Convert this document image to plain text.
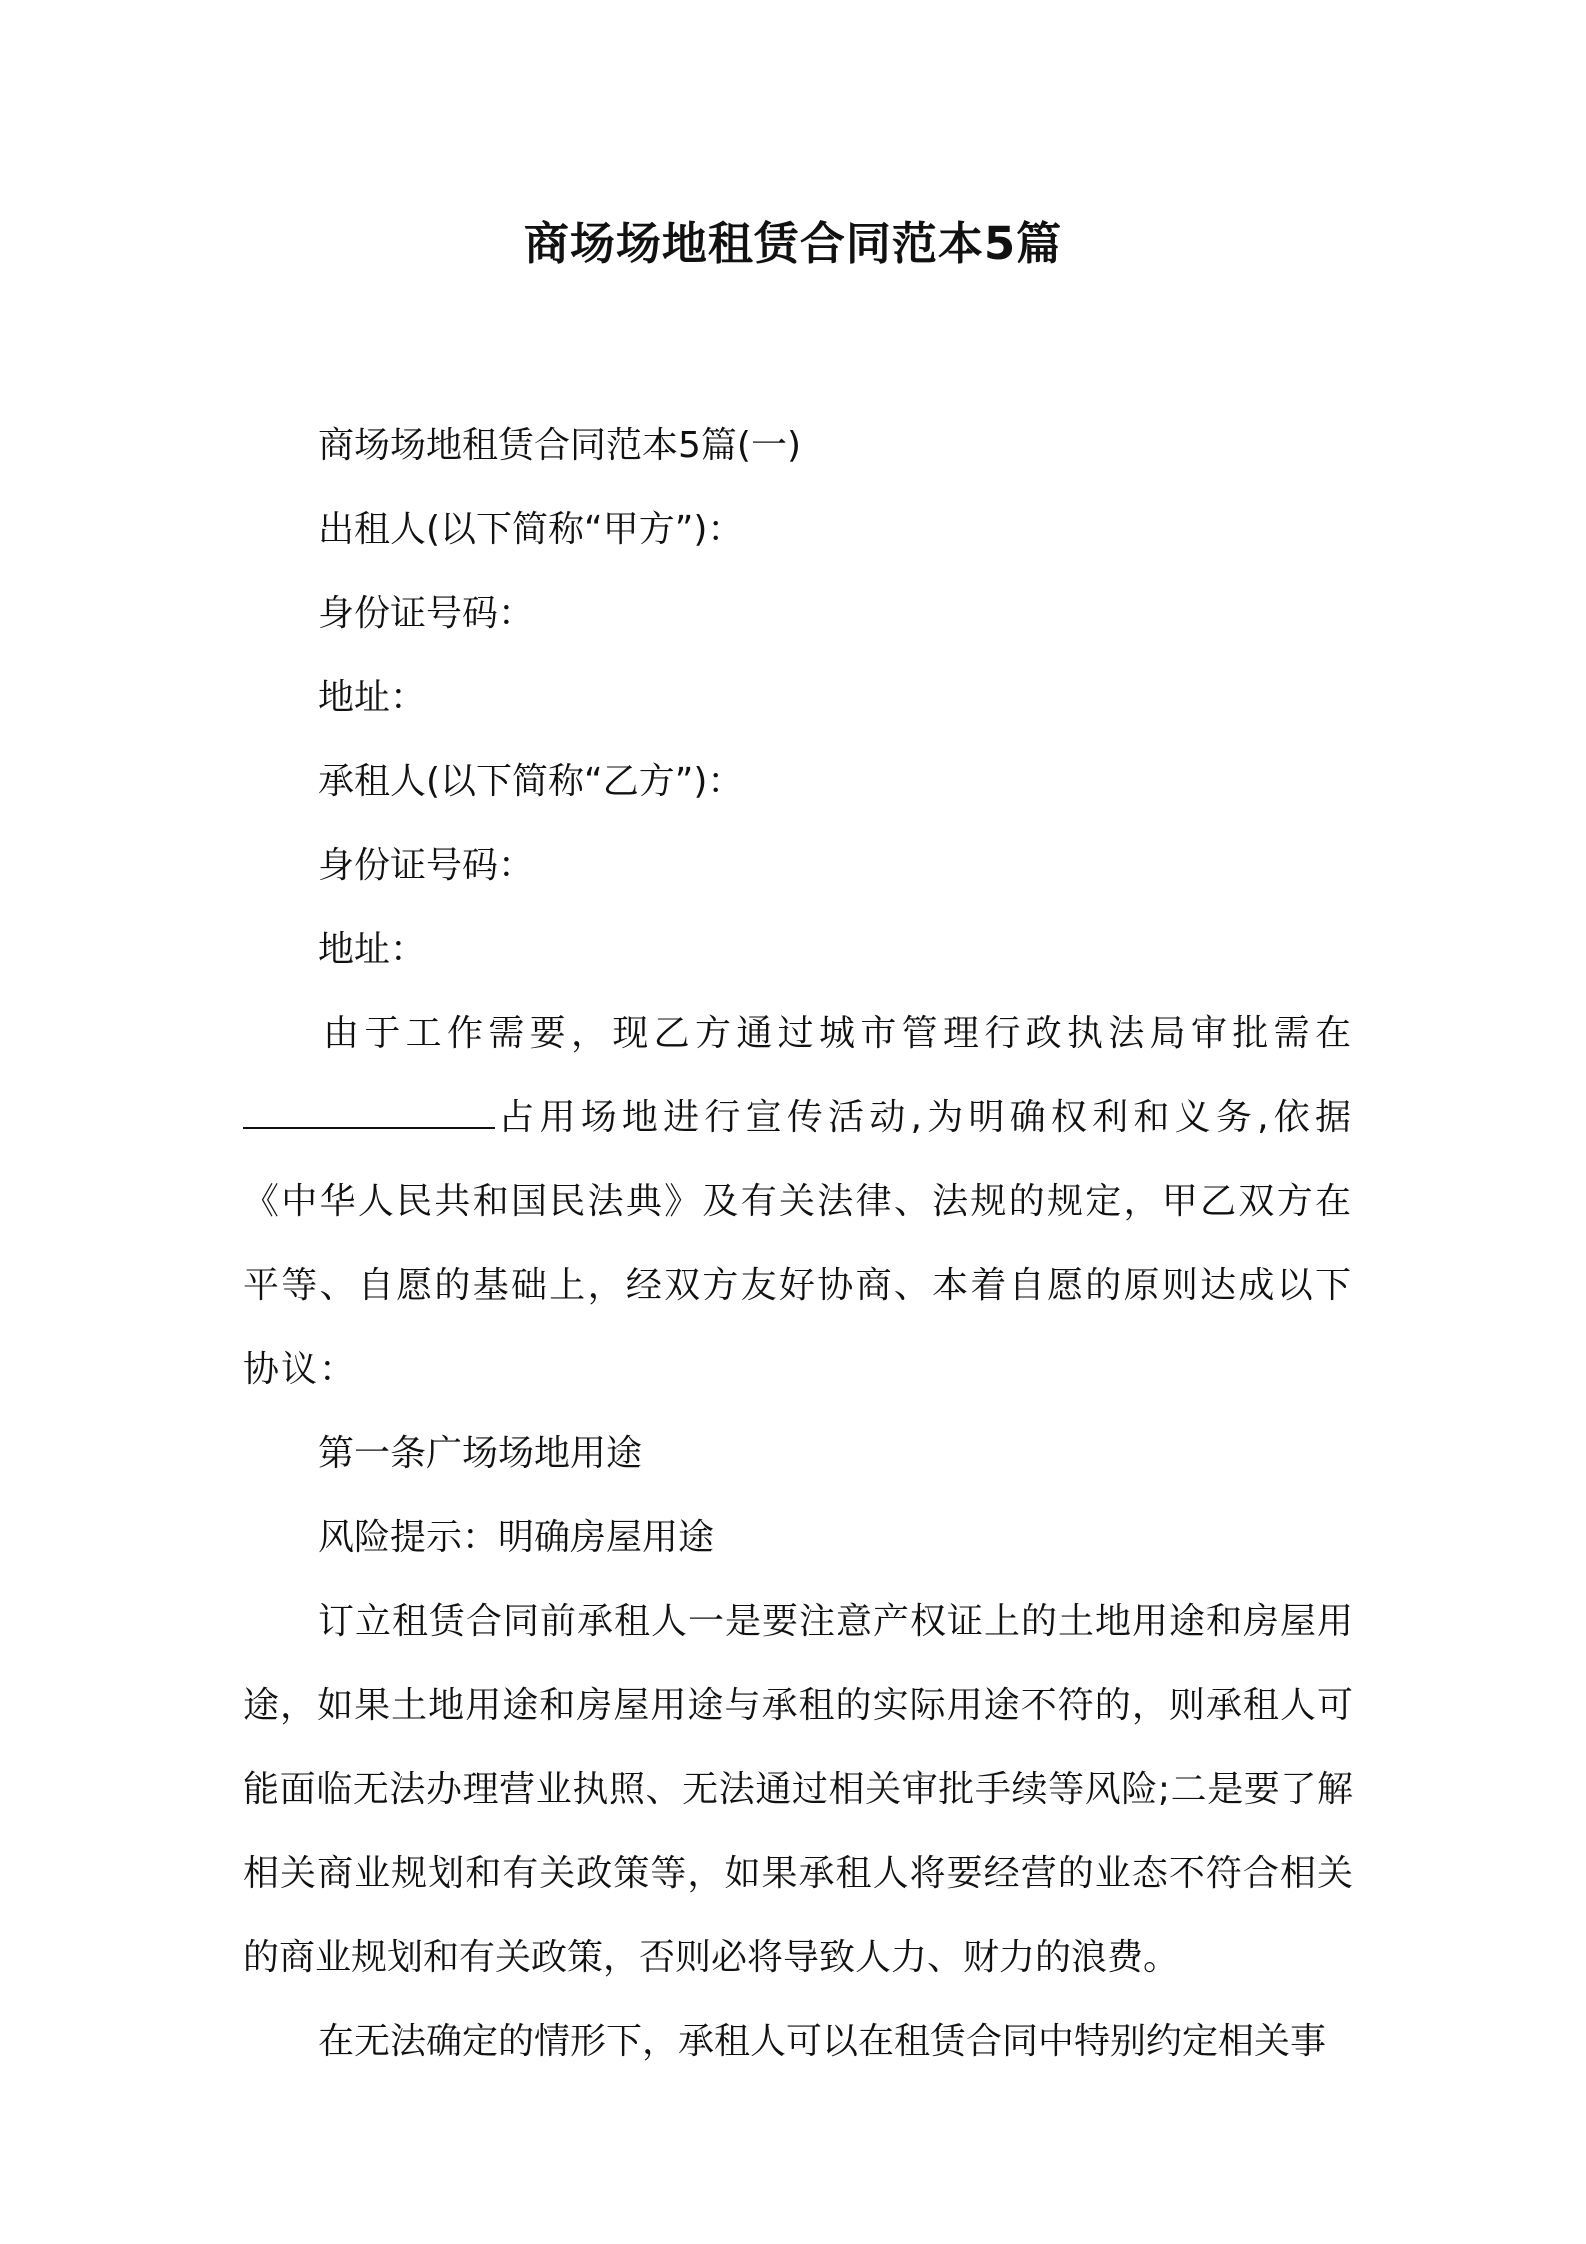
商场场地租赁合同范本5篇
商场场地租赁合同范本5篇(一)
出租人(以下简称“甲方”)：
身份证号码：
地址：
承租人(以下简称“乙方”)：
身份证号码：
地址：

由于工作需要，现乙方通过城市管理行政执法局审批需在占用场地进行宣传活动,为明确权利和义务,依据《中华人民共和国民法典》及有关法律、法规的规定，甲乙双方在平等、自愿的基础上，经双方友好协商、本着自愿的原则达成以下协议：

第一条广场场地用途
风险提示：明确房屋用途

订立租赁合同前承租人一是要注意产权证上的土地用途和房屋用途，如果土地用途和房屋用途与承租的实际用途不符的，则承租人可能面临无法办理营业执照、无法通过相关审批手续等风险;二是要了解相关商业规划和有关政策等，如果承租人将要经营的业态不符合相关的商业规划和有关政策，否则必将导致人力、财力的浪费。

在无法确定的情形下，承租人可以在租赁合同中特别约定相关事
